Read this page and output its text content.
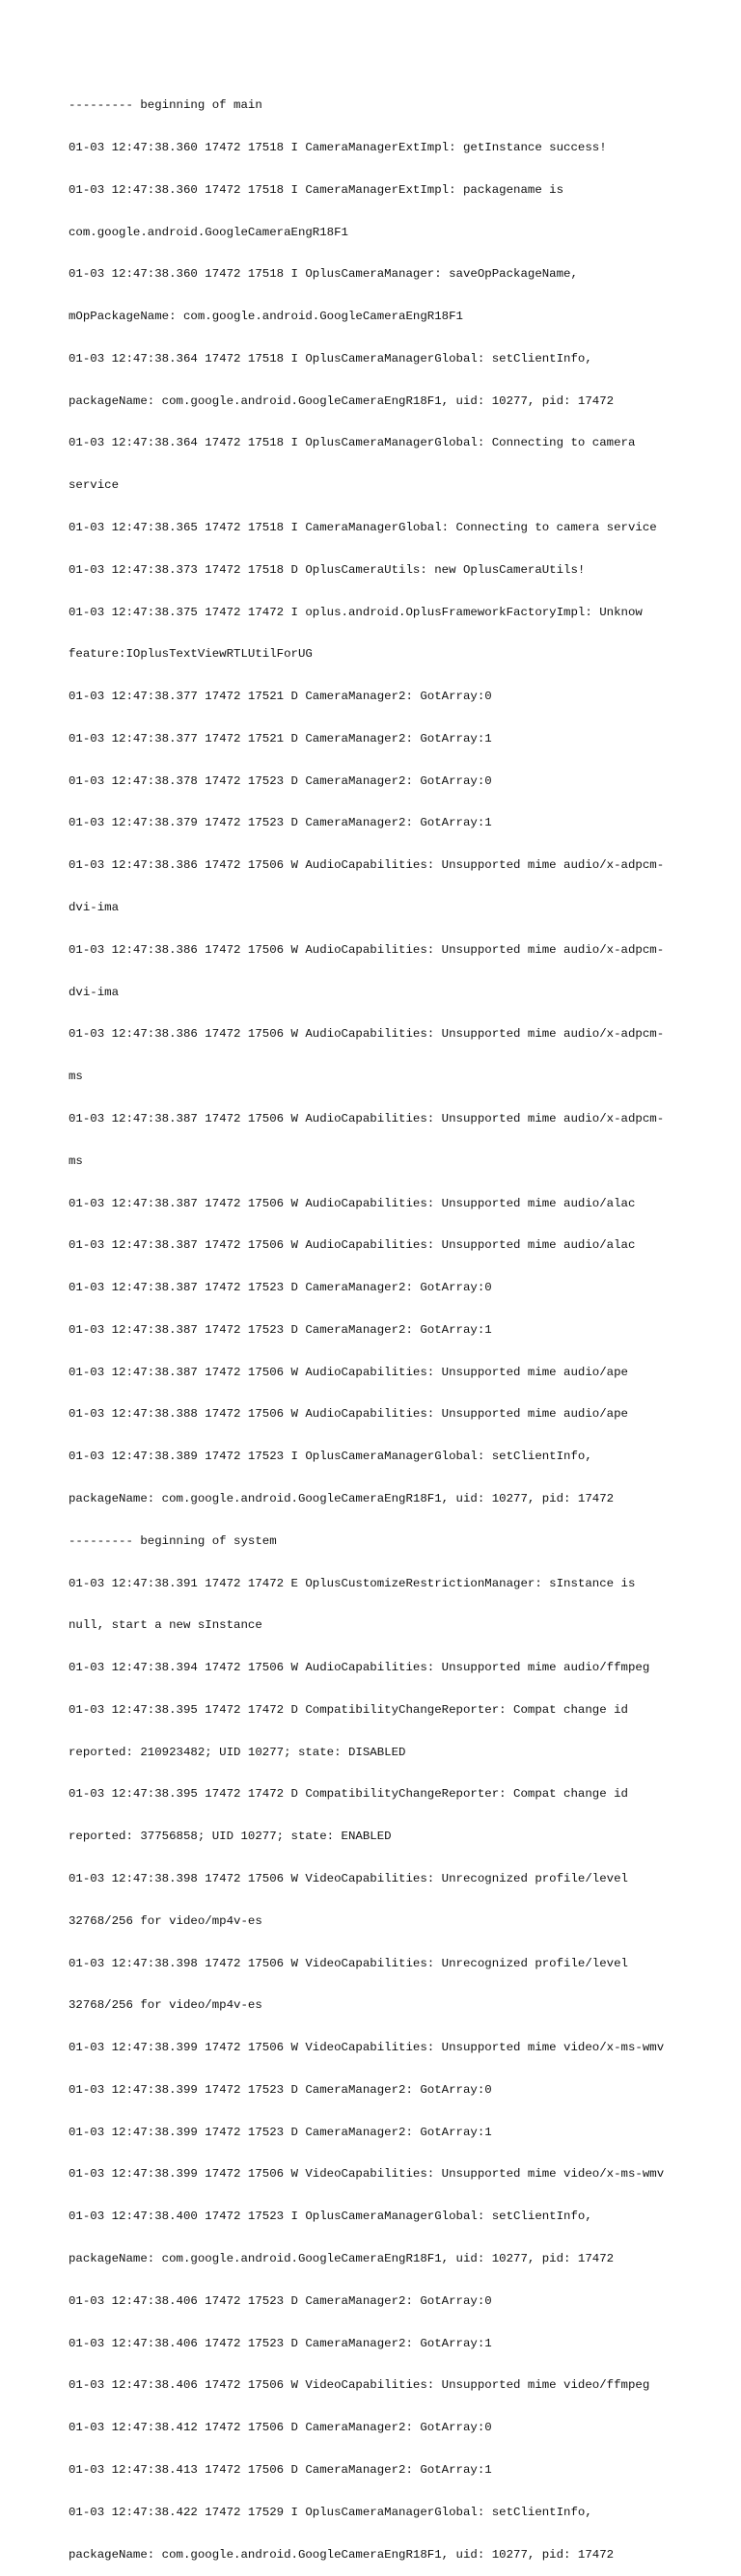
--------- beginning of main

01-03 12:47:38.360 17472 17518 I CameraManagerExtImpl: getInstance success!

01-03 12:47:38.360 17472 17518 I CameraManagerExtImpl: packagename is

com.google.android.GoogleCameraEngR18F1

01-03 12:47:38.360 17472 17518 I OplusCameraManager: saveOpPackageName,

mOpPackageName: com.google.android.GoogleCameraEngR18F1

01-03 12:47:38.364 17472 17518 I OplusCameraManagerGlobal: setClientInfo,

packageName: com.google.android.GoogleCameraEngR18F1, uid: 10277, pid: 17472

01-03 12:47:38.364 17472 17518 I OplusCameraManagerGlobal: Connecting to camera

service

01-03 12:47:38.365 17472 17518 I CameraManagerGlobal: Connecting to camera service

01-03 12:47:38.373 17472 17518 D OplusCameraUtils: new OplusCameraUtils!

01-03 12:47:38.375 17472 17472 I oplus.android.OplusFrameworkFactoryImpl: Unknow

feature:IOplusTextViewRTLUtilForUG

01-03 12:47:38.377 17472 17521 D CameraManager2: GotArray:0

01-03 12:47:38.377 17472 17521 D CameraManager2: GotArray:1

01-03 12:47:38.378 17472 17523 D CameraManager2: GotArray:0

01-03 12:47:38.379 17472 17523 D CameraManager2: GotArray:1

01-03 12:47:38.386 17472 17506 W AudioCapabilities: Unsupported mime audio/x-adpcm-

dvi-ima

01-03 12:47:38.386 17472 17506 W AudioCapabilities: Unsupported mime audio/x-adpcm-

dvi-ima

01-03 12:47:38.386 17472 17506 W AudioCapabilities: Unsupported mime audio/x-adpcm-

ms

01-03 12:47:38.387 17472 17506 W AudioCapabilities: Unsupported mime audio/x-adpcm-

ms

01-03 12:47:38.387 17472 17506 W AudioCapabilities: Unsupported mime audio/alac

01-03 12:47:38.387 17472 17506 W AudioCapabilities: Unsupported mime audio/alac

01-03 12:47:38.387 17472 17523 D CameraManager2: GotArray:0

01-03 12:47:38.387 17472 17523 D CameraManager2: GotArray:1

01-03 12:47:38.387 17472 17506 W AudioCapabilities: Unsupported mime audio/ape

01-03 12:47:38.388 17472 17506 W AudioCapabilities: Unsupported mime audio/ape

01-03 12:47:38.389 17472 17523 I OplusCameraManagerGlobal: setClientInfo,

packageName: com.google.android.GoogleCameraEngR18F1, uid: 10277, pid: 17472

--------- beginning of system

01-03 12:47:38.391 17472 17472 E OplusCustomizeRestrictionManager: sInstance is

null, start a new sInstance

01-03 12:47:38.394 17472 17506 W AudioCapabilities: Unsupported mime audio/ffmpeg

01-03 12:47:38.395 17472 17472 D CompatibilityChangeReporter: Compat change id

reported: 210923482; UID 10277; state: DISABLED

01-03 12:47:38.395 17472 17472 D CompatibilityChangeReporter: Compat change id

reported: 37756858; UID 10277; state: ENABLED

01-03 12:47:38.398 17472 17506 W VideoCapabilities: Unrecognized profile/level

32768/256 for video/mp4v-es

01-03 12:47:38.398 17472 17506 W VideoCapabilities: Unrecognized profile/level

32768/256 for video/mp4v-es

01-03 12:47:38.399 17472 17506 W VideoCapabilities: Unsupported mime video/x-ms-wmv

01-03 12:47:38.399 17472 17523 D CameraManager2: GotArray:0

01-03 12:47:38.399 17472 17523 D CameraManager2: GotArray:1

01-03 12:47:38.399 17472 17506 W VideoCapabilities: Unsupported mime video/x-ms-wmv

01-03 12:47:38.400 17472 17523 I OplusCameraManagerGlobal: setClientInfo,

packageName: com.google.android.GoogleCameraEngR18F1, uid: 10277, pid: 17472

01-03 12:47:38.406 17472 17523 D CameraManager2: GotArray:0

01-03 12:47:38.406 17472 17523 D CameraManager2: GotArray:1

01-03 12:47:38.406 17472 17506 W VideoCapabilities: Unsupported mime video/ffmpeg

01-03 12:47:38.412 17472 17506 D CameraManager2: GotArray:0

01-03 12:47:38.413 17472 17506 D CameraManager2: GotArray:1

01-03 12:47:38.422 17472 17529 I OplusCameraManagerGlobal: setClientInfo,

packageName: com.google.android.GoogleCameraEngR18F1, uid: 10277, pid: 17472
